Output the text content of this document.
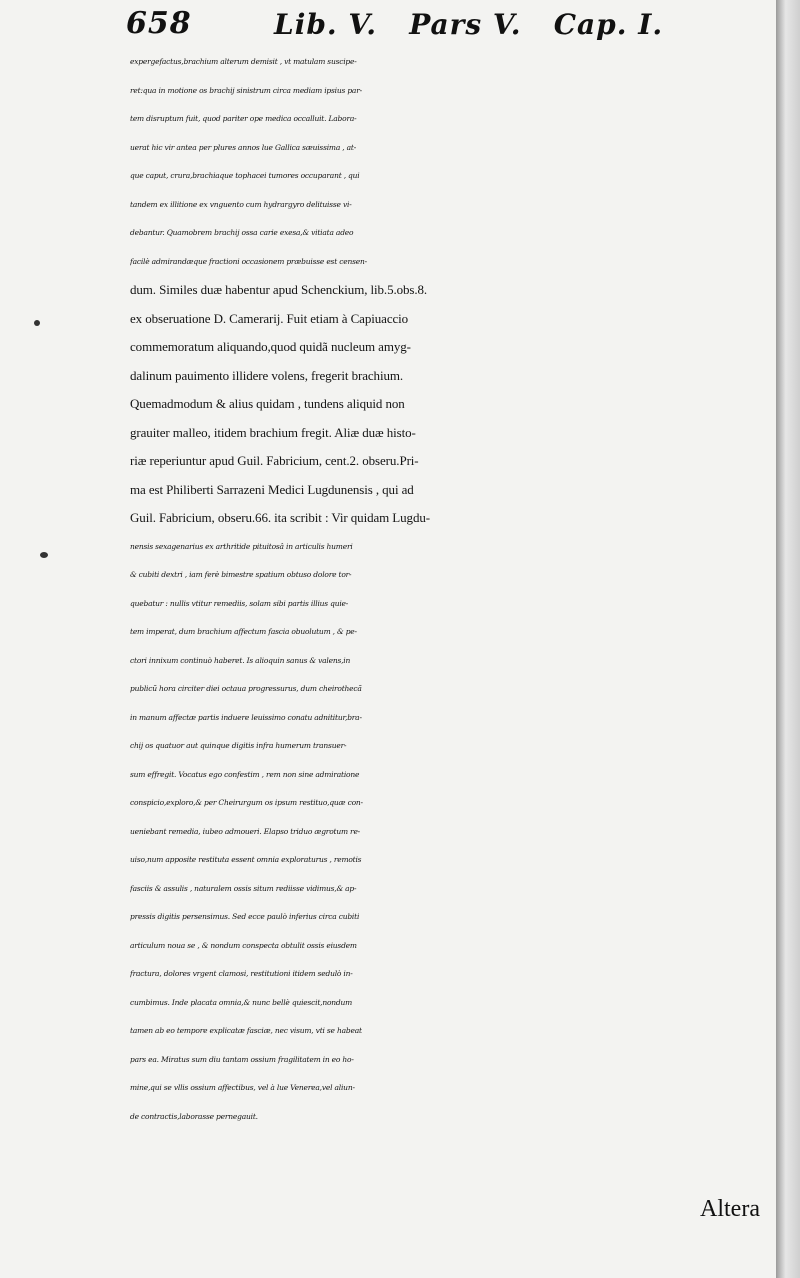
658	Lib. V.   Pars V.   Cap. I.
expergefactus,brachium alterum demisit , vt matulam suscipe-
ret:qua in motione os brachij sinistrum circa mediam ipsius par-
tem disruptum fuit, quod pariter ope medica occalluit. Labora-
uerat hic vir antea per plures annos lue Gallica sæuissima , at-
que caput, crura,brachiaque tophacei tumores occuparant , qui
tandem ex illitione ex vnguento cum hydrargyro delituisse vi-
debantur. Quamobrem brachij ossa carie exesa,& vitiata adeo
facilè admirandæque fractioni occasionem præbuisse est censen-
dum. Similes duæ habentur apud Schenckium, lib.5.obs.8.
ex obseruatione D. Camerarij. Fuit etiam à Capiuaccio
commemoratum aliquando,quod quidã nucleum amyg-
dalinum pauimento illidere volens, fregerit brachium.
Quemadmodum & alius quidam , tundens aliquid non
grauiter malleo, itidem brachium fregit. Aliæ duæ histo-
riæ reperiuntur apud Guil. Fabricium, cent.2. obseru.Pri-
ma est Philiberti Sarrazeni Medici Lugdunensis , qui ad
Guil. Fabricium, obseru.66. ita scribit : Vir quidam Lugdu-
nensis sexagenarius ex arthritide pituitosâ in articulis humeri
& cubiti dextri , iam ferè bimestre spatium obtuso dolore tor-
quebatur : nullis vtitur remediis, solam sibi partis illius quie-
tem imperat, dum brachium affectum fascia obuolutum , & pe-
ctori innixum continuò haberet. Is alioquin sanus & valens,in
publicũ hora circiter diei octaua progressurus, dum cheirothecã
in manum affectæ partis induere leuissimo conatu adnititur,bra-
chij os quatuor aut quinque digitis infra humerum transuer-
sum effregit. Vocatus ego confestim , rem non sine admiratione
conspicio,exploro,& per Cheirurgum os ipsum restituo,quæ con-
ueniebant remedia, iubeo admoueri. Elapso triduo ægrotum re-
uiso,num apposite restituta essent omnia exploraturus , remotis
fasciis & assulis , naturalem ossis situm rediisse vidimus,& ap-
pressis digitis persensimus. Sed ecce paulò inferius circa cubiti
articulum noua se , & nondum conspecta obtulit ossis eiusdem
fractura, dolores vrgent clamosi, restitutioni itidem sedulò in-
cumbimus. Inde placata omnia,& nunc bellè quiescit,nondum
tamen ab eo tempore explicatæ fasciæ, nec visum, vti se habeat
pars ea. Miratus sum diu tantam ossium fragilitatem in eo ho-
mine,qui se vllis ossium affectibus, vel à lue Venerea,vel aliun-
de contractis,laborasse pernegauit.
Altera
